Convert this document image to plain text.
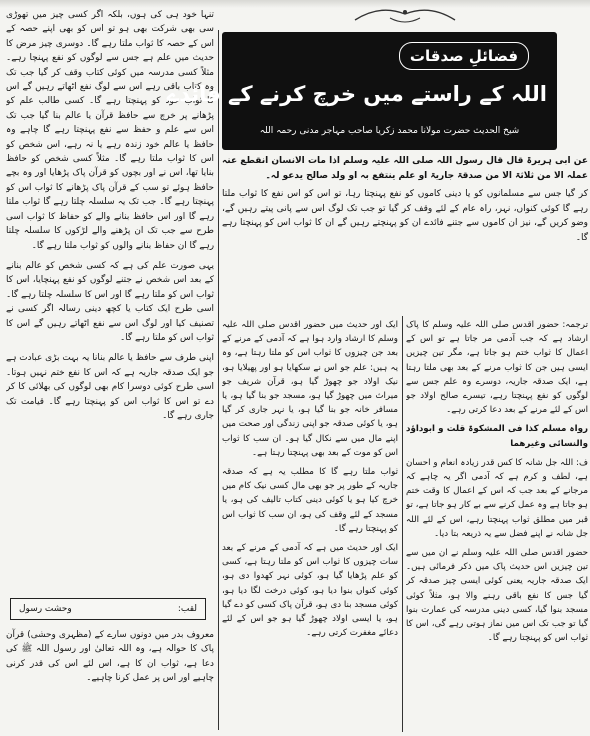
تنہا خود ہی کی ہوں، بلکہ اگر کسی چیز میں تھوڑی سی بھی شرکت بھی ہو تو اس کو بھی اپنے حصہ کے اس کے حصہ کا ثواب ملتا رہے گا۔ دوسری چیز مرض کا حدیث میں علم ہے جس سے لوگوں کو نفع پہنچا رہے۔ مثلاً کسی مدرسہ میں کوئی کتاب وقف کر گیا جب تک وہ کتاب باقی رہے اس سے لوگ نفع اٹھاتے رہیں گے اس کا ثواب خود کو پہنچتا رہے گا۔ کسی طالب علم کو پڑھانے پر خرچ سے حافظ قرآن یا عالم بنا گیا جب تک اس سے علم و حفظ سے نفع پہنچتا رہے گا چاہے وہ حافظ یا عالم خود زندہ رہے یا نہ رہے، اس شخص کو اس کا ثواب ملتا رہے گا۔ مثلاً کسی شخص کو حافظ بنایا تھا، اس نے اور بچوں کو قرآن پاک پڑھایا اور وہ بچے حافظ ہوئے تو سب کے قرآن پاک پڑھانے کا ثواب اس کو پہنچتا رہے گا۔ جب تک یہ سلسلہ چلتا رہے گا ثواب ملتا رہے گا اور اس حافظ بنانے والے کو حفاظ کا ثواب اسی طرح سے جب تک ان پڑھنے والے لڑکوں کا سلسلہ چلتا رہے گا ان حفاظ بنانے والوں کو ثواب ملتا رہے گا۔

یہی صورت علم کی ہے کہ کسی شخص کو عالم بنانے کے بعد اس شخص نے جتنے لوگوں کو نفع پہنچایا، اس کا ثواب اس کو ملتا رہے گا اور اس کا سلسلہ چلتا رہے گا۔ اسی طرح ایک کتاب یا کچھ دینی رسالہ اگر کسی نے تصنیف کیا اور لوگ اس سے نفع اٹھاتے رہیں گے اس کا ثواب اس کو ملتا رہے گا۔

اپنی طرف سے حافظ یا عالم بنانا یہ بہت بڑی عبادت ہے جو ایک صدقہ جاریہ ہے کہ اس کا نفع ختم نہیں ہوتا۔ اسی طرح کوئی دوسرا کام بھی لوگوں کی بھلائی کا کر دے تو اس کا ثواب اس کو پہنچتا رہے گا۔ قیامت تک جاری رہے گا۔

لقب:
وحشت رسول

معروف بدر میں دونوں سارے کے (مظہری وحشی) قرآن پاک کا حوالہ ہے، وہ اللہ تعالیٰ اور رسول اللہ ﷺ کی دعا ہے، ثواب ان کا ہے، اس لئے اس کی قدر کرنی چاہیے اور اس پر عمل کرنا چاہیے۔

فضائلِ صدقات
اللہ کے راستے میں خرچ کرنے کے فائدے
شیخ الحدیث حضرت مولانا محمد زکریا صاحب مہاجر مدنی رحمہ اللہ

عن ابی ہریرۃ قال قال رسول اللہ صلی اللہ علیہ وسلم اذا مات الانسان انقطع عنہ عملہ الا من ثلاثۃ الا من صدقۃ جاریۃ او علم ینتفع بہ او ولد صالح یدعو لہ۔

کر گیا جس سے مسلمانوں کو یا دینی کاموں کو نفع پہنچتا رہا، تو اس کو اس نفع کا ثواب ملتا رہے گا کوئی کنواں، نہر، راہ عام کے لئے وقف کر گیا تو جب تک لوگ اس سے پانی پیتے رہیں گے، وضو کریں گے، نیز ان کاموں سے جتنے فائدے ان کو پہنچتے رہیں گے ان کا ثواب اس کو پہنچتا رہے گا۔

ایک اور حدیث میں حضور اقدس صلی اللہ علیہ وسلم کا ارشاد وارد ہوا ہے کہ آدمی کے مرنے کے بعد جن چیزوں کا ثواب اس کو ملتا رہتا ہے، وہ یہ ہیں: علم جو اس نے سکھایا ہو اور پھیلایا ہو، نیک اولاد جو چھوڑ گیا ہو، قرآن شریف جو میراث میں چھوڑ گیا ہو، مسجد جو بنا گیا ہو، یا مسافر خانہ جو بنا گیا ہو، یا نہر جاری کر گیا ہو، یا کوئی صدقہ جو اپنی زندگی اور صحت میں اپنے مال میں سے نکال گیا ہو۔ ان سب کا ثواب اس کو موت کے بعد بھی پہنچتا رہتا ہے۔

ثواب ملتا رہے گا کا مطلب یہ ہے کہ صدقہ جاریہ کے طور پر جو بھی مال کسی نیک کام میں خرچ کیا ہو یا کوئی دینی کتاب تالیف کی ہو، یا مسجد کے لئے وقف کی ہو، ان سب کا ثواب اس کو پہنچتا رہے گا۔

ایک اور حدیث میں ہے کہ آدمی کے مرنے کے بعد سات چیزوں کا ثواب اس کو ملتا رہتا ہے، کسی کو علم پڑھایا گیا ہو، کوئی نہر کھدوا دی ہو، کوئی کنواں بنوا دیا ہو، کوئی درخت لگا دیا ہو، کوئی مسجد بنا دی ہو، قرآن پاک کسی کو دے گیا ہو، یا ایسی اولاد چھوڑ گیا ہو جو اس کے لئے دعائے مغفرت کرتی رہے۔

ترجمہ: حضور اقدس صلی اللہ علیہ وسلم کا پاک ارشاد ہے کہ جب آدمی مر جاتا ہے تو اس کے اعمال کا ثواب ختم ہو جاتا ہے، مگر تین چیزیں ایسی ہیں جن کا ثواب مرنے کے بعد بھی ملتا رہتا ہے، ایک صدقہ جاریہ، دوسرے وہ علم جس سے لوگوں کو نفع پہنچتا رہے، تیسرے صالح اولاد جو اس کے لئے مرنے کے بعد دعا کرتی رہے۔

رواہ مسلم کذا فی المشکوۃ قلت و ابوداؤد والنسائی وغیرھما

ف: اللہ جل شانہ کا کس قدر زیادہ انعام و احسان ہے، لطف و کرم ہے کہ آدمی اگر یہ چاہے کہ مرجانے کے بعد جب کہ اس کے اعمال کا وقت ختم ہو جاتا ہے وہ عمل کرنے سے بے کار ہو جاتا ہے، تو قبر میں مطلق ثواب پہنچتا رہے، اس کے لئے اللہ جل شانہ نے اپنے فضل سے یہ ذریعہ بتا دیا۔

حضور اقدس صلی اللہ علیہ وسلم نے ان میں سے تین چیزیں اس حدیث پاک میں ذکر فرمائی ہیں۔ ایک صدقہ جاریہ یعنی کوئی ایسی چیز صدقہ کر گیا جس کا نفع باقی رہنے والا ہو، مثلاً کوئی مسجد بنوا گیا، کسی دینی مدرسہ کی عمارت بنوا گیا تو جب تک اس میں نماز ہوتی رہے گی، اس کا ثواب اس کو پہنچتا رہے گا۔
